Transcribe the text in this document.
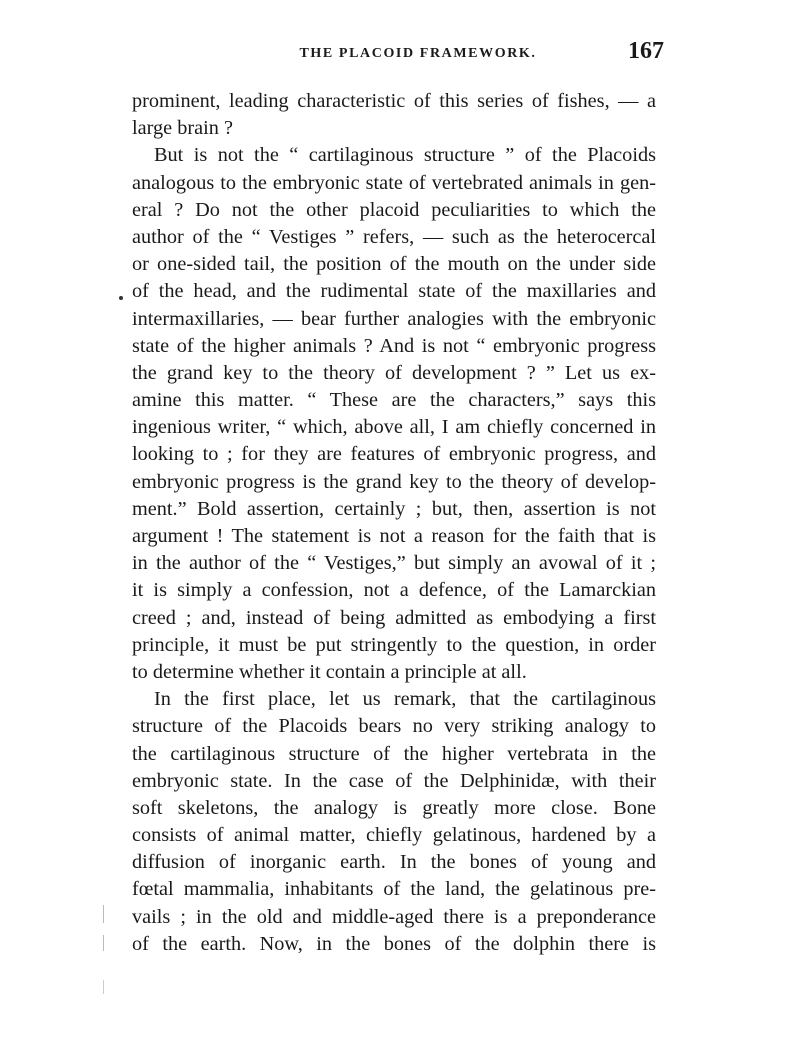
THE PLACOID FRAMEWORK.	167
prominent, leading characteristic of this series of fishes, — a
large brain ?
But is not the “ cartilaginous structure ” of the Placoids
analogous to the embryonic state of vertebrated animals in gen-
eral ? Do not the other placoid peculiarities to which the
author of the “ Vestiges ” refers, — such as the heterocercal
or one-sided tail, the position of the mouth on the under side
of the head, and the rudimental state of the maxillaries and
intermaxillaries, — bear further analogies with the embryonic
state of the higher animals ? And is not “ embryonic progress
the grand key to the theory of development ? ” Let us ex-
amine this matter. “ These are the characters,” says this
ingenious writer, “ which, above all, I am chiefly concerned in
looking to ; for they are features of embryonic progress, and
embryonic progress is the grand key to the theory of develop-
ment.” Bold assertion, certainly ; but, then, assertion is not
argument ! The statement is not a reason for the faith that is
in the author of the “ Vestiges,” but simply an avowal of it ;
it is simply a confession, not a defence, of the Lamarckian
creed ; and, instead of being admitted as embodying a first
principle, it must be put stringently to the question, in order
to determine whether it contain a principle at all.
In the first place, let us remark, that the cartilaginous
structure of the Placoids bears no very striking analogy to
the cartilaginous structure of the higher vertebrata in the
embryonic state. In the case of the Delphinidæ, with their
soft skeletons, the analogy is greatly more close. Bone
consists of animal matter, chiefly gelatinous, hardened by a
diffusion of inorganic earth. In the bones of young and
fœtal mammalia, inhabitants of the land, the gelatinous pre-
vails ; in the old and middle-aged there is a preponderance
of the earth. Now, in the bones of the dolphin there is
